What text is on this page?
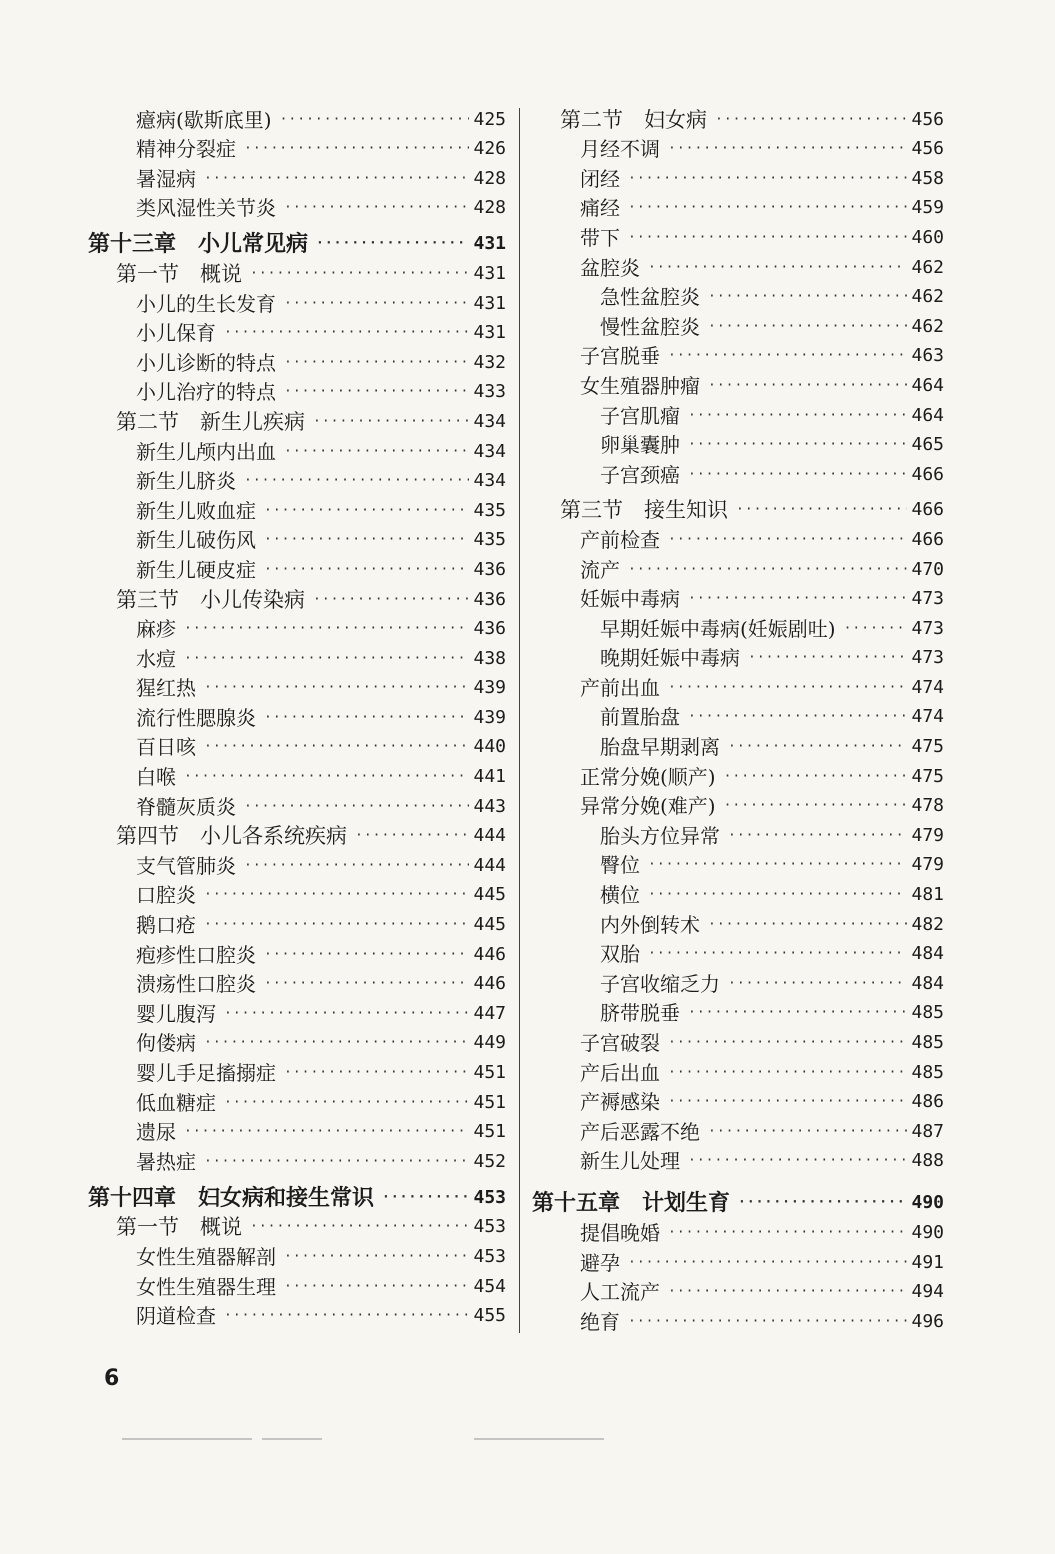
癔病(歇斯底里) ·····	425
精神分裂症 ·····	426
暑湿病 ·····	428
类风湿性关节炎 ·····	428
第十三章　小儿常见病 ·····	431
第一节　概说 ·····	431
小儿的生长发育 ·····	431
小儿保育 ·····	431
小儿诊断的特点 ·····	432
小儿治疗的特点 ·····	433
第二节　新生儿疾病 ·····	434
新生儿颅内出血 ·····	434
新生儿脐炎 ·····	434
新生儿败血症 ·····	435
新生儿破伤风 ·····	435
新生儿硬皮症 ·····	436
第三节　小儿传染病 ·····	436
麻疹 ·····	436
水痘 ·····	438
猩红热 ·····	439
流行性腮腺炎 ·····	439
百日咳 ·····	440
白喉 ·····	441
脊髓灰质炎 ·····	443
第四节　小儿各系统疾病 ·····	444
支气管肺炎 ·····	444
口腔炎 ·····	445
鹅口疮 ·····	445
疱疹性口腔炎 ·····	446
溃疡性口腔炎 ·····	446
婴儿腹泻 ·····	447
佝偻病 ·····	449
婴儿手足搐搦症 ·····	451
低血糖症 ·····	451
遗尿 ·····	451
暑热症 ·····	452
第十四章　妇女病和接生常识 ·····	453
第一节　概说 ·····	453
女性生殖器解剖 ·····	453
女性生殖器生理 ·····	454
阴道检查 ·····	455
第二节　妇女病 ·····	456
月经不调 ·····	456
闭经 ·····	458
痛经 ·····	459
带下 ·····	460
盆腔炎 ·····	462
急性盆腔炎 ·····	462
慢性盆腔炎 ·····	462
子宫脱垂 ·····	463
女生殖器肿瘤 ·····	464
子宫肌瘤 ·····	464
卵巢囊肿 ·····	465
子宫颈癌 ·····	466
第三节　接生知识 ·····	466
产前检查 ·····	466
流产 ·····	470
妊娠中毒病 ·····	473
早期妊娠中毒病(妊娠剧吐) ·····	473
晚期妊娠中毒病 ·····	473
产前出血 ·····	474
前置胎盘 ·····	474
胎盘早期剥离 ·····	475
正常分娩(顺产) ·····	475
异常分娩(难产) ·····	478
胎头方位异常 ·····	479
臀位 ·····	479
横位 ·····	481
内外倒转术 ·····	482
双胎 ·····	484
子宫收缩乏力 ·····	484
脐带脱垂 ·····	485
子宫破裂 ·····	485
产后出血 ·····	485
产褥感染 ·····	486
产后恶露不绝 ·····	487
新生儿处理 ·····	488
第十五章　计划生育 ·····	490
提倡晚婚 ·····	490
避孕 ·····	491
人工流产 ·····	494
绝育 ·····	496
6
